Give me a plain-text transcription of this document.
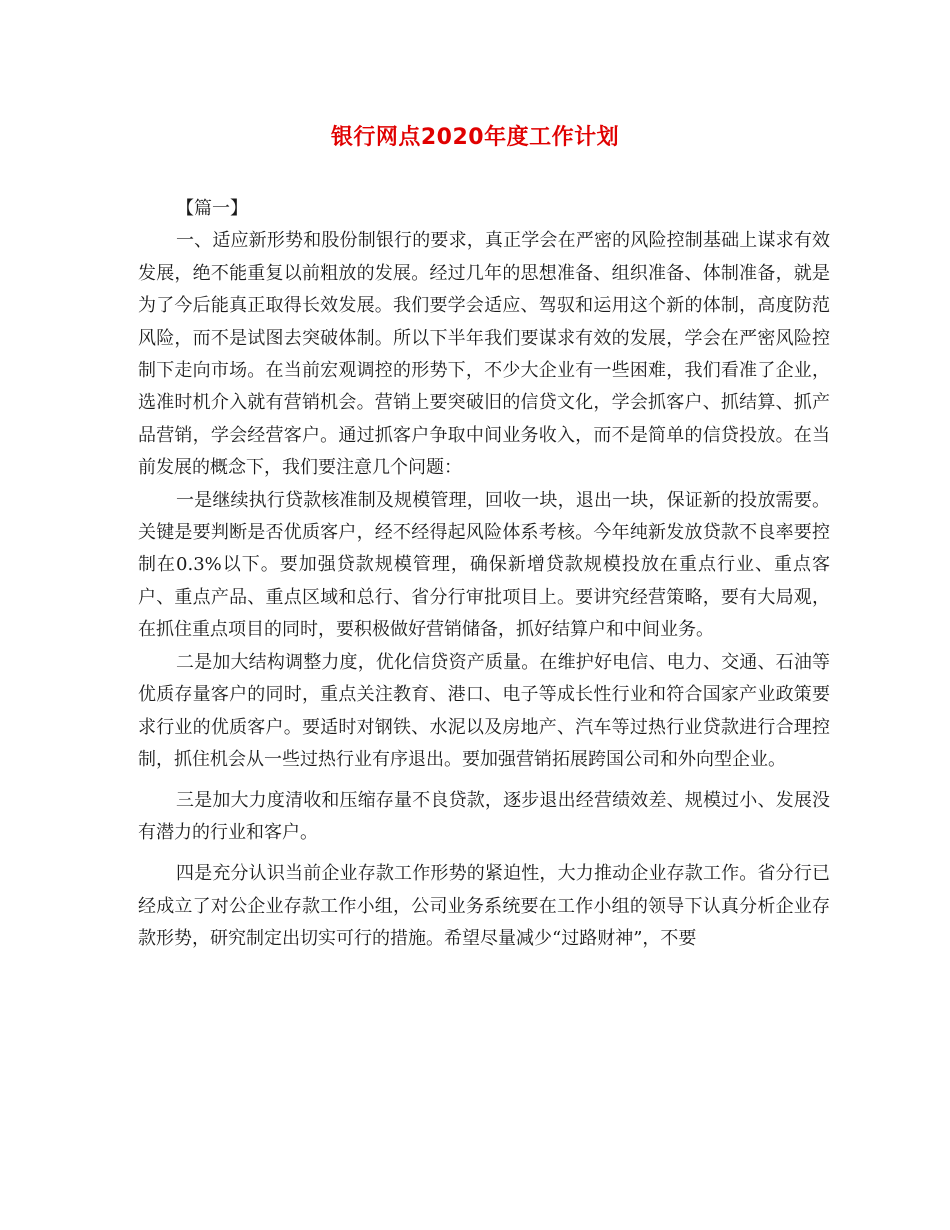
银行网点2020年度工作计划
【篇一】

一、适应新形势和股份制银行的要求，真正学会在严密的风险控制基础上谋求有效发展，绝不能重复以前粗放的发展。经过几年的思想准备、组织准备、体制准备，就是为了今后能真正取得长效发展。我们要学会适应、驾驭和运用这个新的体制，高度防范风险，而不是试图去突破体制。所以下半年我们要谋求有效的发展，学会在严密风险控制下走向市场。在当前宏观调控的形势下，不少大企业有一些困难，我们看准了企业，选准时机介入就有营销机会。营销上要突破旧的信贷文化，学会抓客户、抓结算、抓产品营销，学会经营客户。通过抓客户争取中间业务收入，而不是简单的信贷投放。在当前发展的概念下，我们要注意几个问题：

一是继续执行贷款核准制及规模管理，回收一块，退出一块，保证新的投放需要。关键是要判断是否优质客户，经不经得起风险体系考核。今年纯新发放贷款不良率要控制在0.3%以下。要加强贷款规模管理，确保新增贷款规模投放在重点行业、重点客户、重点产品、重点区域和总行、省分行审批项目上。要讲究经营策略，要有大局观，在抓住重点项目的同时，要积极做好营销储备，抓好结算户和中间业务。

二是加大结构调整力度，优化信贷资产质量。在维护好电信、电力、交通、石油等优质存量客户的同时，重点关注教育、港口、电子等成长性行业和符合国家产业政策要求行业的优质客户。要适时对钢铁、水泥以及房地产、汽车等过热行业贷款进行合理控制，抓住机会从一些过热行业有序退出。要加强营销拓展跨国公司和外向型企业。

三是加大力度清收和压缩存量不良贷款，逐步退出经营绩效差、规模过小、发展没有潜力的行业和客户。

四是充分认识当前企业存款工作形势的紧迫性，大力推动企业存款工作。省分行已经成立了对公企业存款工作小组，公司业务系统要在工作小组的领导下认真分析企业存款形势，研究制定出切实可行的措施。希望尽量减少“过路财神”，不要
